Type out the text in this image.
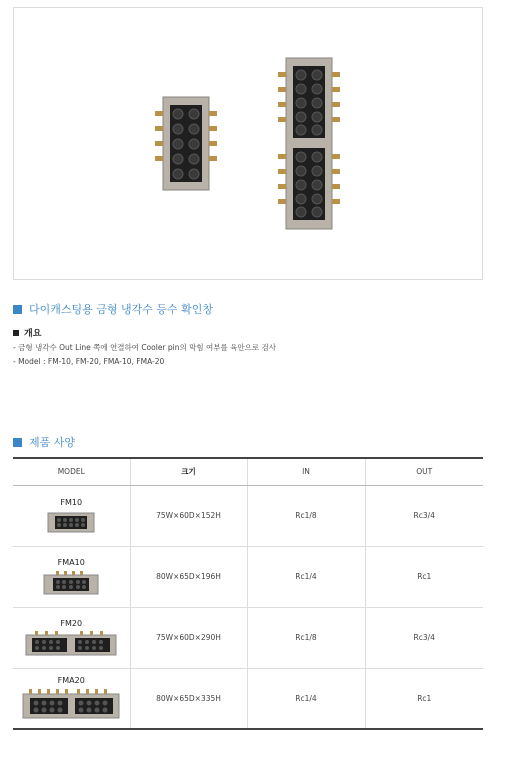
다이캐스팅용 금형 냉각수 등수 확인창
개요
- 금형 냉각수 Out Line 쪽에 연결하여 Cooler pin의 막힘 여부를 육안으로 검사
- Model : FM-10, FM-20, FMA-10, FMA-20
제품 사양
MODEL	크기	IN	OUT

FM10	75W×60D×152H	Rc1/8	Rc3/4

FMA10	80W×65D×196H	Rc1/4	Rc1

FM20	75W×60D×290H	Rc1/8	Rc3/4

FMA20	80W×65D×335H	Rc1/4	Rc1
